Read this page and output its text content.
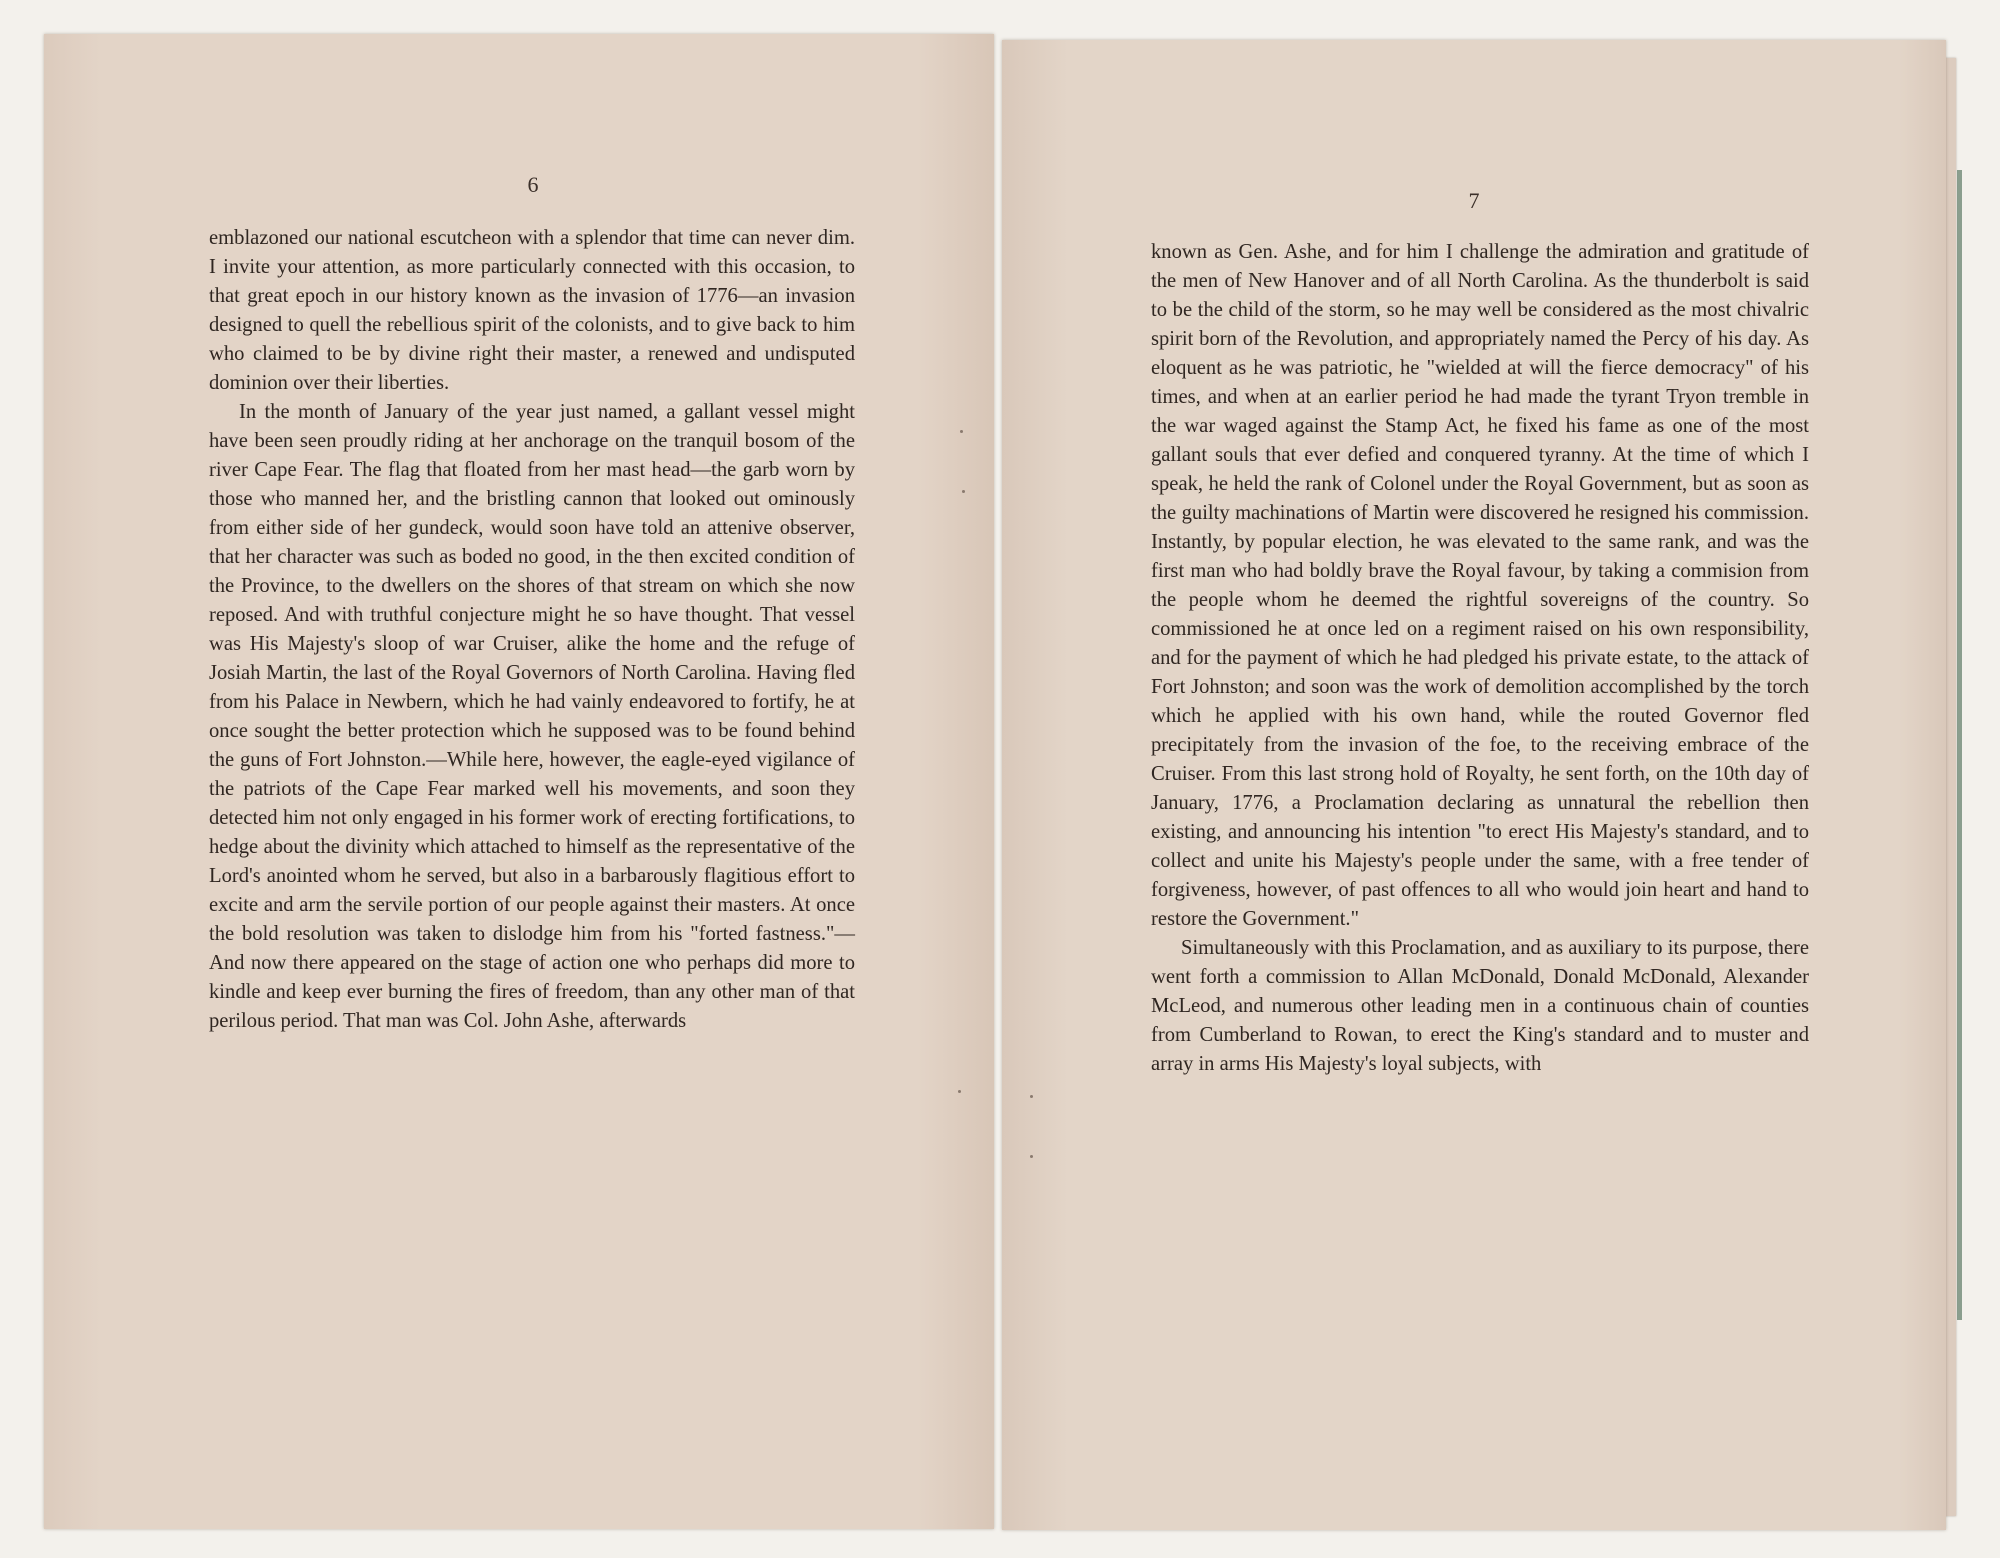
6
7

emblazoned our national escutcheon with a splendor that time can never dim. I invite your attention, as more particularly connected with this occasion, to that great epoch in our history known as the invasion of 1776—an invasion designed to quell the rebellious spirit of the colonists, and to give back to him who claimed to be by divine right their master, a renewed and undisputed dominion over their liberties.

In the month of January of the year just named, a gallant vessel might have been seen proudly riding at her anchorage on the tranquil bosom of the river Cape Fear. The flag that floated from her mast head—the garb worn by those who manned her, and the bristling cannon that looked out ominously from either side of her gundeck, would soon have told an attenive observer, that her character was such as boded no good, in the then excited condition of the Province, to the dwellers on the shores of that stream on which she now reposed. And with truthful conjecture might he so have thought. That vessel was His Majesty's sloop of war Cruiser, alike the home and the refuge of Josiah Martin, the last of the Royal Governors of North Carolina. Having fled from his Palace in Newbern, which he had vainly endeavored to fortify, he at once sought the better protection which he supposed was to be found behind the guns of Fort Johnston.—While here, however, the eagle-eyed vigilance of the patriots of the Cape Fear marked well his movements, and soon they detected him not only engaged in his former work of erecting fortifications, to hedge about the divinity which attached to himself as the representative of the Lord's anointed whom he served, but also in a barbarously flagitious effort to excite and arm the servile portion of our people against their masters. At once the bold resolution was taken to dislodge him from his "forted fastness."—And now there appeared on the stage of action one who perhaps did more to kindle and keep ever burning the fires of freedom, than any other man of that perilous period. That man was Col. John Ashe, afterwards

known as Gen. Ashe, and for him I challenge the admiration and gratitude of the men of New Hanover and of all North Carolina. As the thunderbolt is said to be the child of the storm, so he may well be considered as the most chivalric spirit born of the Revolution, and appropriately named the Percy of his day. As eloquent as he was patriotic, he "wielded at will the fierce democracy" of his times, and when at an earlier period he had made the tyrant Tryon tremble in the war waged against the Stamp Act, he fixed his fame as one of the most gallant souls that ever defied and conquered tyranny. At the time of which I speak, he held the rank of Colonel under the Royal Government, but as soon as the guilty machinations of Martin were discovered he resigned his commission. Instantly, by popular election, he was elevated to the same rank, and was the first man who had boldly brave the Royal favour, by taking a commision from the people whom he deemed the rightful sovereigns of the country. So commissioned he at once led on a regiment raised on his own responsibility, and for the payment of which he had pledged his private estate, to the attack of Fort Johnston; and soon was the work of demolition accomplished by the torch which he applied with his own hand, while the routed Governor fled precipitately from the invasion of the foe, to the receiving embrace of the Cruiser. From this last strong hold of Royalty, he sent forth, on the 10th day of January, 1776, a Proclamation declaring as unnatural the rebellion then existing, and announcing his intention "to erect His Majesty's standard, and to collect and unite his Majesty's people under the same, with a free tender of forgiveness, however, of past offences to all who would join heart and hand to restore the Government."

Simultaneously with this Proclamation, and as auxiliary to its purpose, there went forth a commission to Allan McDonald, Donald McDonald, Alexander McLeod, and numerous other leading men in a continuous chain of counties from Cumberland to Rowan, to erect the King's standard and to muster and array in arms His Majesty's loyal subjects, with
